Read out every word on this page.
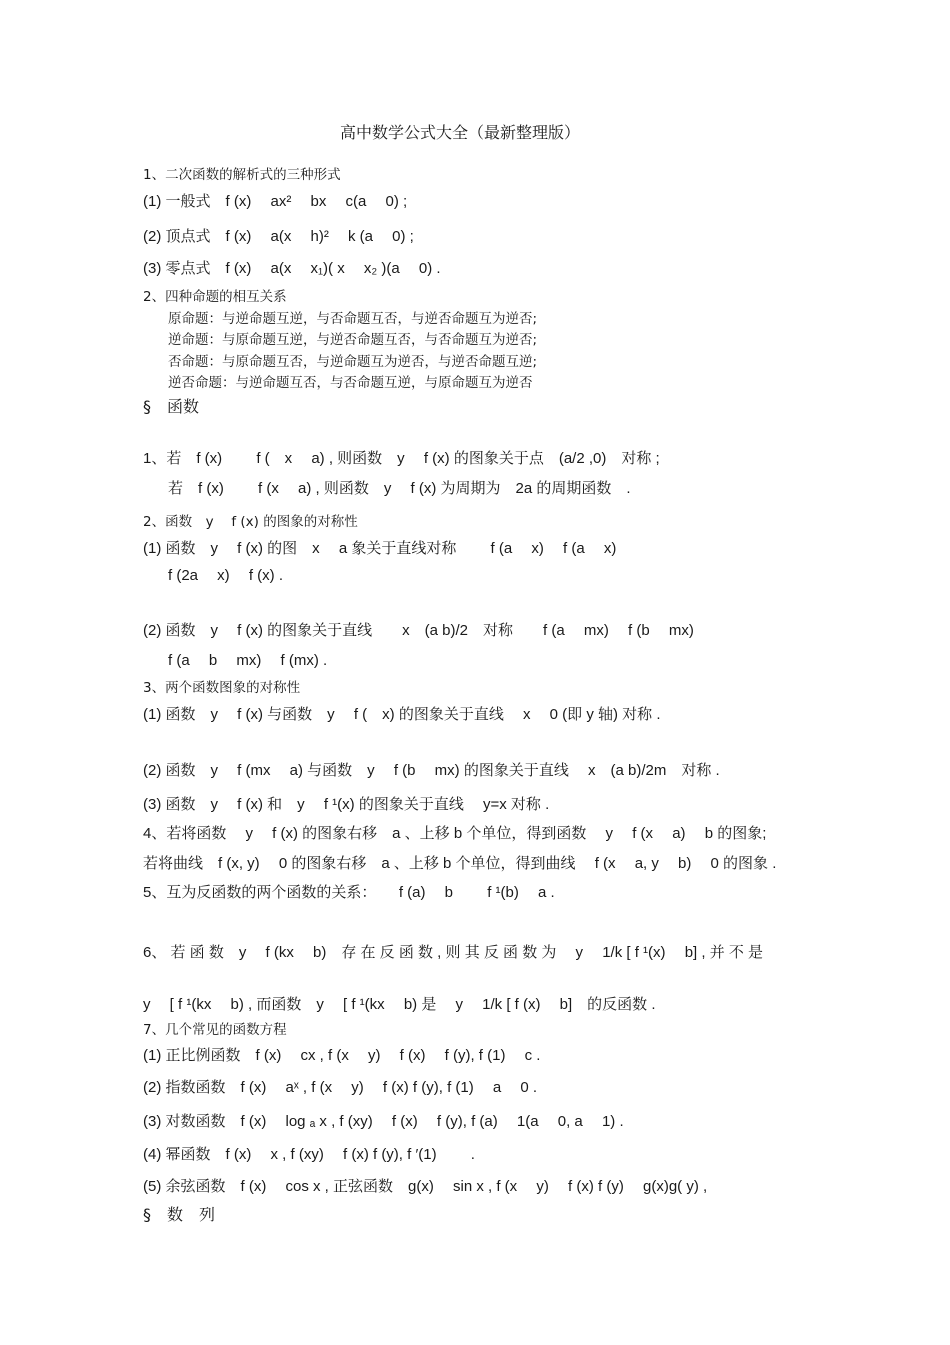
高中数学公式大全（最新整理版）
1、二次函数的解析式的三种形式
(1) 一般式　f (x)　 ax² 　bx　 c(a　 0) ;
(2) 顶点式　f (x)　 a(x　 h)² 　k (a　 0) ;
(3) 零点式　f (x)　 a(x　 x₁)( x　 x₂ )(a　 0) .
2、四种命题的相互关系
原命题：与逆命题互逆，与否命题互否，与逆否命题互为逆否;
逆命题：与原命题互逆，与逆否命题互否，与否命题互为逆否;
否命题：与原命题互否，与逆命题互为逆否，与逆否命题互逆;
逆否命题：与逆命题互否，与否命题互逆，与原命题互为逆否
§　函数
1、若　f (x)　　 f (　x　 a) , 则函数　y　 f (x) 的图象关于点　(a/2 ,0)　对称 ;
若　f (x)　　 f (x　 a) , 则函数　y　 f (x) 为周期为　2a 的周期函数　.
2、函数　y　 f (x) 的图象的对称性
(1) 函数　y　 f (x) 的图　x　 a 象关于直线对称　　 f (a　 x)　 f (a　 x)
f (2a　 x)　 f (x) .
(2) 函数　y　 f (x) 的图象关于直线　　x　(a b)/2　对称　　f (a　 mx)　 f (b　 mx)
f (a　 b　 mx)　 f (mx) .
3、两个函数图象的对称性
(1) 函数　y　 f (x) 与函数　y　 f (　x) 的图象关于直线　 x　 0 (即 y 轴) 对称 .
(2) 函数　y　 f (mx　 a) 与函数　y　 f (b　 mx) 的图象关于直线　 x　(a b)/2m　对称 .
(3) 函数　y　 f (x) 和　y　 f ¹(x) 的图象关于直线　 y=x 对称 .
4、若将函数　 y　 f (x) 的图象右移　a 、上移 b 个单位，得到函数　 y　 f (x　 a)　 b 的图象;
若将曲线　f (x, y)　 0 的图象右移　a 、上移 b 个单位，得到曲线　 f (x　 a, y　 b)　 0 的图象 .
5、互为反函数的两个函数的关系：　　f (a)　 b　　 f ¹(b)　 a .
6、 若 函 数　y　 f (kx　 b)　存 在 反 函 数 , 则 其 反 函 数 为　 y　 1/k [ f ¹(x)　 b] , 并 不 是
y　 [ f ¹(kx　 b) , 而函数　y　 [ f ¹(kx　 b) 是　 y　 1/k [ f (x)　 b]　的反函数 .
7、几个常见的函数方程
(1) 正比例函数　f (x)　 cx , f (x　 y)　 f (x)　 f (y), f (1)　 c .
(2) 指数函数　f (x)　 aˣ , f (x　 y)　 f (x) f (y), f (1)　 a　 0 .
(3) 对数函数　f (x)　 log ₐ x , f (xy)　 f (x)　 f (y), f (a)　 1(a　 0, a　 1) .
(4) 幂函数　f (x)　 x , f (xy)　 f (x) f (y), f ′(1)　　 .
(5) 余弦函数　f (x)　 cos x , 正弦函数　g(x)　 sin x , f (x　 y)　 f (x) f (y)　 g(x)g( y) ,
§　数　列
